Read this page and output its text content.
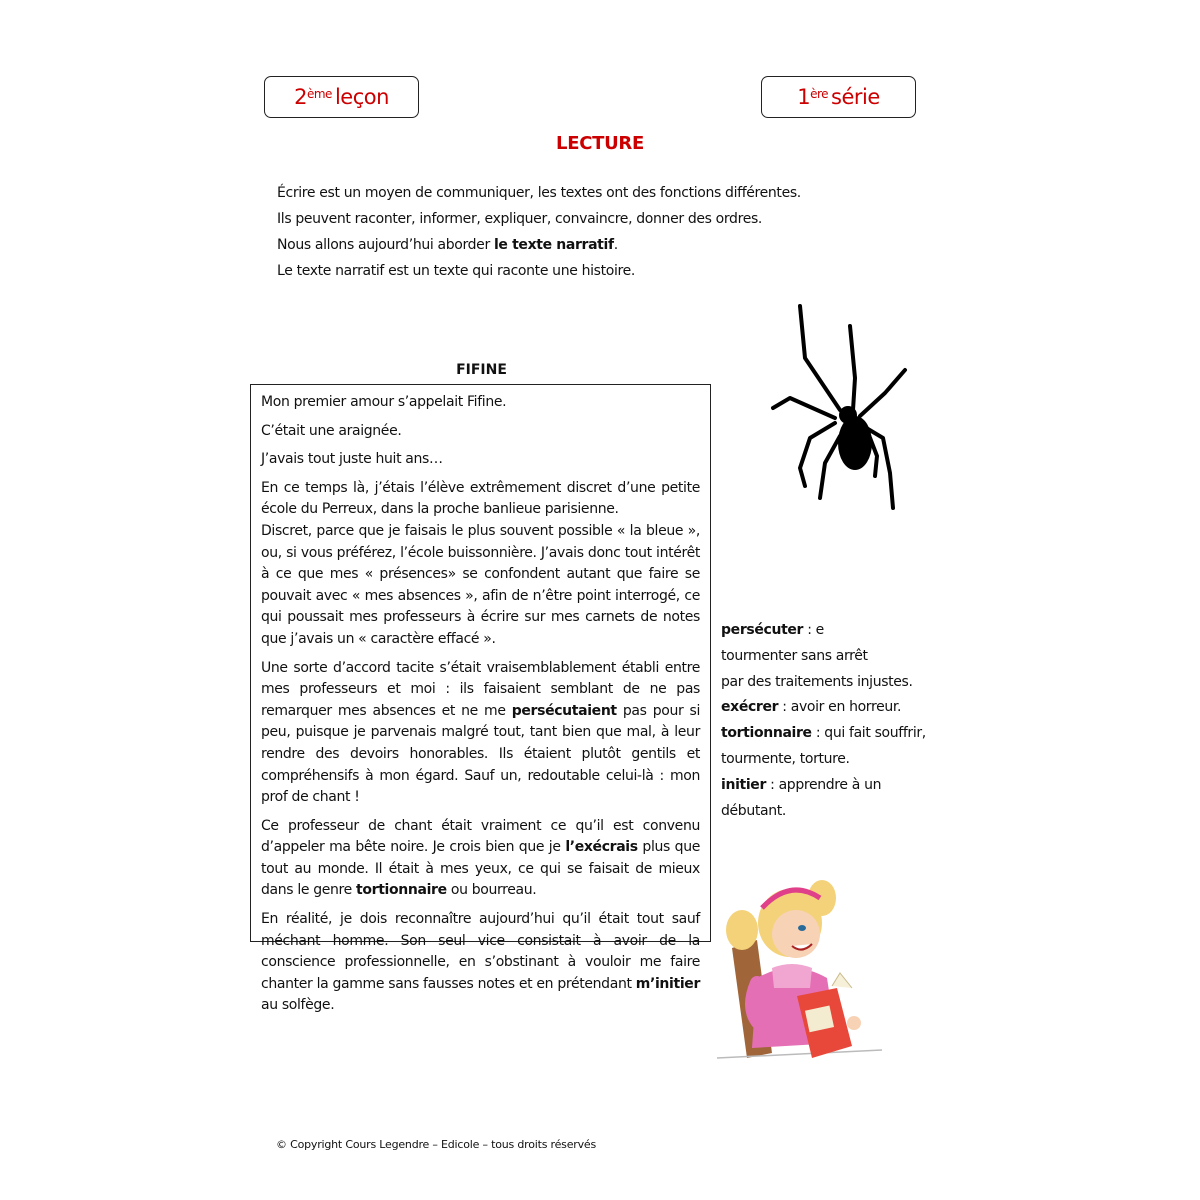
2ème leçon	1ère série
LECTURE

Écrire est un moyen de communiquer, les textes ont des fonctions différentes.

Ils peuvent raconter, informer, expliquer, convaincre, donner des ordres.

Nous allons aujourd’hui aborder le texte narratif.

Le texte narratif est un texte qui raconte une histoire.

FIFINE

Mon premier amour s’appelait Fifine.

C’était une araignée.

J’avais tout juste huit ans…

En ce temps là, j’étais l’élève extrêmement discret d’une petite école du Perreux, dans la proche banlieue parisienne.
Discret, parce que je faisais le plus souvent possible « la bleue », ou, si vous préférez, l’école buissonnière. J’avais donc tout intérêt à ce que mes « présences» se confondent autant que faire se pouvait avec « mes absences », afin de n’être point interrogé, ce qui poussait mes professeurs à écrire sur mes carnets de notes que j’avais un « caractère effacé ».

Une sorte d’accord tacite s’était vraisemblablement établi entre mes professeurs et moi : ils faisaient semblant de ne pas remarquer mes absences et ne me persécutaient pas pour si peu, puisque je parvenais malgré tout, tant bien que mal, à leur rendre des devoirs honorables. Ils étaient plutôt gentils et compréhensifs à mon égard. Sauf un, redoutable celui-là : mon prof de chant !

Ce professeur de chant était vraiment ce qu’il est convenu d’appeler ma bête noire. Je crois bien que je l’exécrais plus que tout au monde. Il était à mes yeux, ce qui se faisait de mieux dans le genre tortionnaire ou bourreau.

En réalité, je dois reconnaître aujourd’hui qu’il était tout sauf méchant homme. Son seul vice consistait à avoir de la conscience professionnelle, en s’obstinant à vouloir me faire chanter la gamme sans fausses notes et en prétendant m’initier au solfège.

persécuter : e

tourmenter sans arrêt

par des traitements injustes.

exécrer : avoir en horreur.

tortionnaire : qui fait souffrir,

tourmente, torture.

initier : apprendre à un

débutant.

© Copyright Cours Legendre – Edicole – tous droits réservés
